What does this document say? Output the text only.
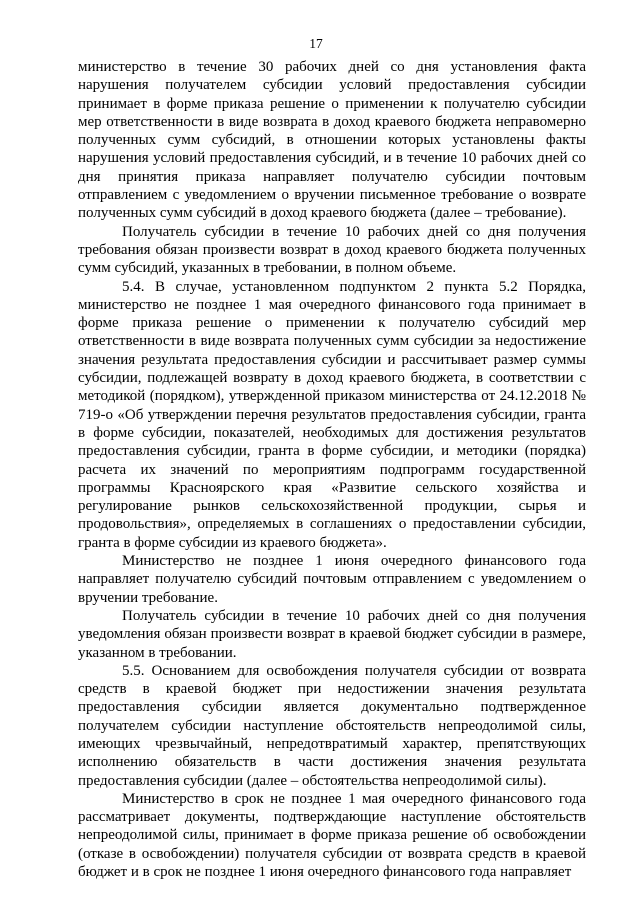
17

министерство в течение 30 рабочих дней со дня установления факта нарушения получателем субсидии условий предоставления субсидии принимает в форме приказа решение о применении к получателю субсидии мер ответственности в виде возврата в доход краевого бюджета неправомерно полученных сумм субсидий, в отношении которых установлены факты нарушения условий предоставления субсидий, и в течение 10 рабочих дней со дня принятия приказа направляет получателю субсидии почтовым отправлением с уведомлением о вручении письменное требование о возврате полученных сумм субсидий в доход краевого бюджета (далее – требование).

Получатель субсидии в течение 10 рабочих дней со дня получения требования обязан произвести возврат в доход краевого бюджета полученных сумм субсидий, указанных в требовании, в полном объеме.

5.4. В случае, установленном подпунктом 2 пункта 5.2 Порядка, министерство не позднее 1 мая очередного финансового года принимает в форме приказа решение о применении к получателю субсидий мер ответственности в виде возврата полученных сумм субсидии за недостижение значения результата предоставления субсидии и рассчитывает размер суммы субсидии, подлежащей возврату в доход краевого бюджета, в соответствии с методикой (порядком), утвержденной приказом министерства от 24.12.2018 № 719-о «Об утверждении перечня результатов предоставления субсидии, гранта в форме субсидии, показателей, необходимых для достижения результатов предоставления субсидии, гранта в форме субсидии, и методики (порядка) расчета их значений по мероприятиям подпрограмм государственной программы Красноярского края «Развитие сельского хозяйства и регулирование рынков сельскохозяйственной продукции, сырья и продовольствия», определяемых в соглашениях о предоставлении субсидии, гранта в форме субсидии из краевого бюджета».

Министерство не позднее 1 июня очередного финансового года направляет получателю субсидий почтовым отправлением с уведомлением о вручении требование.

Получатель субсидии в течение 10 рабочих дней со дня получения уведомления обязан произвести возврат в краевой бюджет субсидии в размере, указанном в требовании.

5.5. Основанием для освобождения получателя субсидии от возврата средств в краевой бюджет при недостижении значения результата предоставления субсидии является документально подтвержденное получателем субсидии наступление обстоятельств непреодолимой силы, имеющих чрезвычайный, непредотвратимый характер, препятствующих исполнению обязательств в части достижения значения результата предоставления субсидии (далее – обстоятельства непреодолимой силы).

Министерство в срок не позднее 1 мая очередного финансового года рассматривает документы, подтверждающие наступление обстоятельств непреодолимой силы, принимает в форме приказа решение об освобождении (отказе в освобождении) получателя субсидии от возврата средств в краевой бюджет и в срок не позднее 1 июня очередного финансового года направляет
